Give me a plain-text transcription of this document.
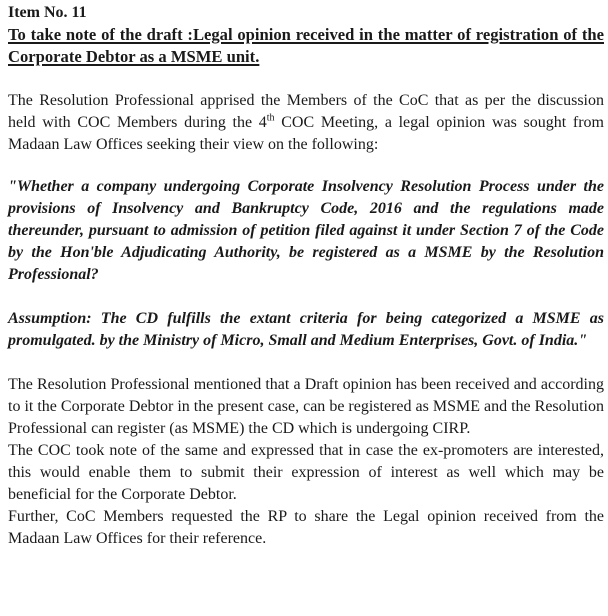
Item No. 11

To take note of the draft :Legal opinion received in the matter of registration of the Corporate Debtor as a MSME unit.

The Resolution Professional apprised the Members of the CoC that as per the discussion held with COC Members during the 4th COC Meeting, a legal opinion was sought from Madaan Law Offices seeking their view on the following:

"Whether a company undergoing Corporate Insolvency Resolution Process under the provisions of Insolvency and Bankruptcy Code, 2016 and the regulations made thereunder, pursuant to admission of petition filed against it under Section 7 of the Code by the Hon'ble Adjudicating Authority, be registered as a MSME by the Resolution Professional?

Assumption: The CD fulfills the extant criteria for being categorized a MSME as promulgated. by the Ministry of Micro, Small and Medium Enterprises, Govt. of India."

The Resolution Professional mentioned that a Draft opinion has been received and according to it the Corporate Debtor in the present case, can be registered as MSME and the Resolution Professional can register (as MSME) the CD which is undergoing CIRP.

The COC took note of the same and expressed that in case the ex-promoters are interested, this would enable them to submit their expression of interest as well which may be beneficial for the Corporate Debtor.

Further, CoC Members requested the RP to share the Legal opinion received from the Madaan Law Offices for their reference.
